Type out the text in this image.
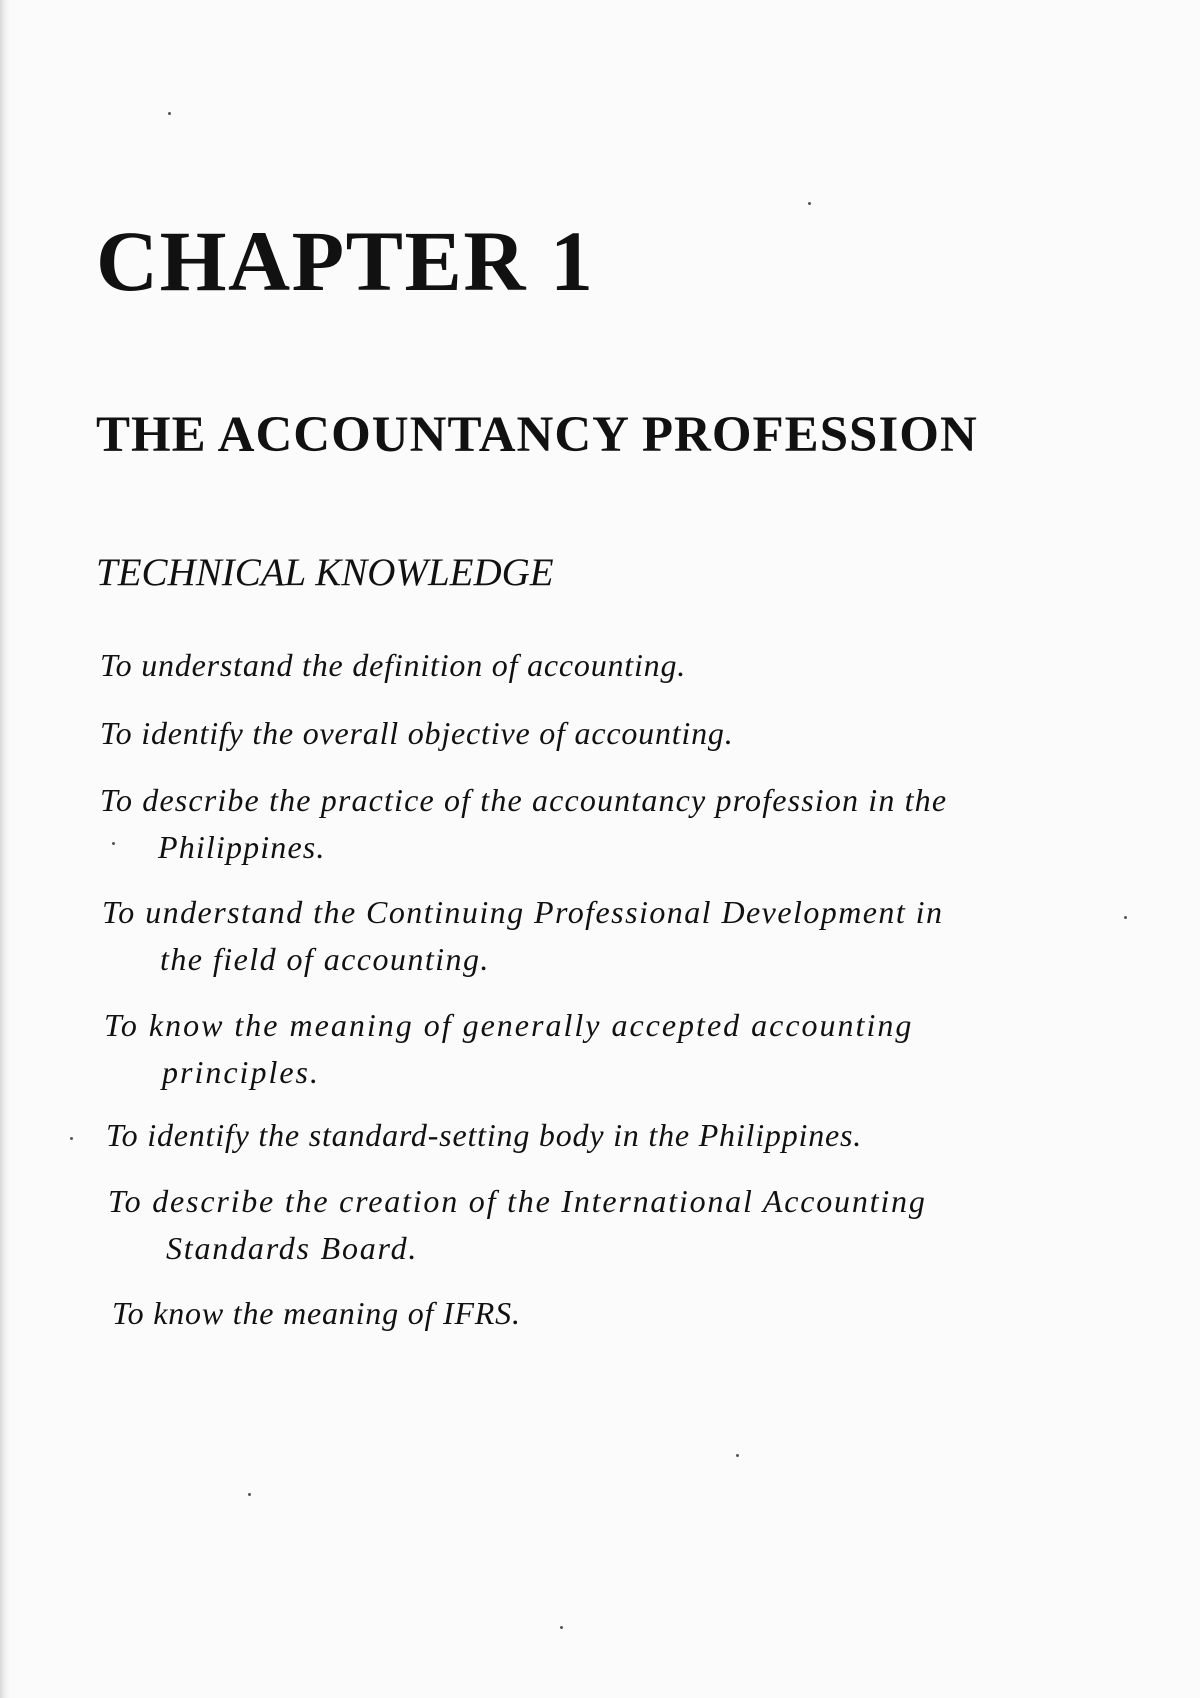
CHAPTER 1
THE ACCOUNTANCY PROFESSION
TECHNICAL KNOWLEDGE
To understand the definition of accounting.
To identify the overall objective of accounting.
To describe the practice of the accountancy profession in the
Philippines.
To understand the Continuing Professional Development in
the field of accounting.
To know the meaning of generally accepted accounting
principles.
To identify the standard-setting body in the Philippines.
To describe the creation of the International Accounting
Standards Board.
To know the meaning of IFRS.
